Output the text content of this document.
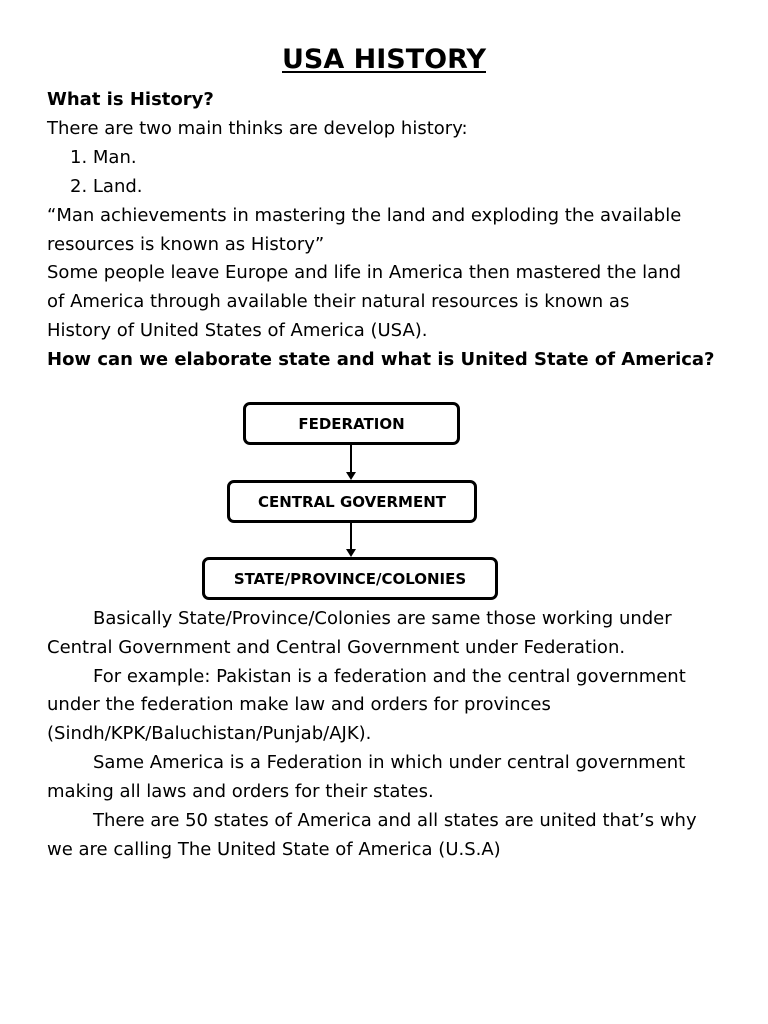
USA HISTORY
What is History?
There are two main thinks are develop history:
1. Man.
2. Land.
“Man achievements in mastering the land and exploding the available
resources is known as History”
Some people leave Europe and life in America then mastered the land
of America through available their natural resources is known as
History of United States of America (USA).
How can we elaborate state and what is United State of America?
FEDERATION
CENTRAL GOVERMENT
STATE/PROVINCE/COLONIES
Basically State/Province/Colonies are same those working under
Central Government and Central Government under Federation.
For example: Pakistan is a federation and the central government
under the federation make law and orders for provinces
(Sindh/KPK/Baluchistan/Punjab/AJK).
Same America is a Federation in which under central government
making all laws and orders for their states.
There are 50 states of America and all states are united that’s why
we are calling The United State of America (U.S.A)
